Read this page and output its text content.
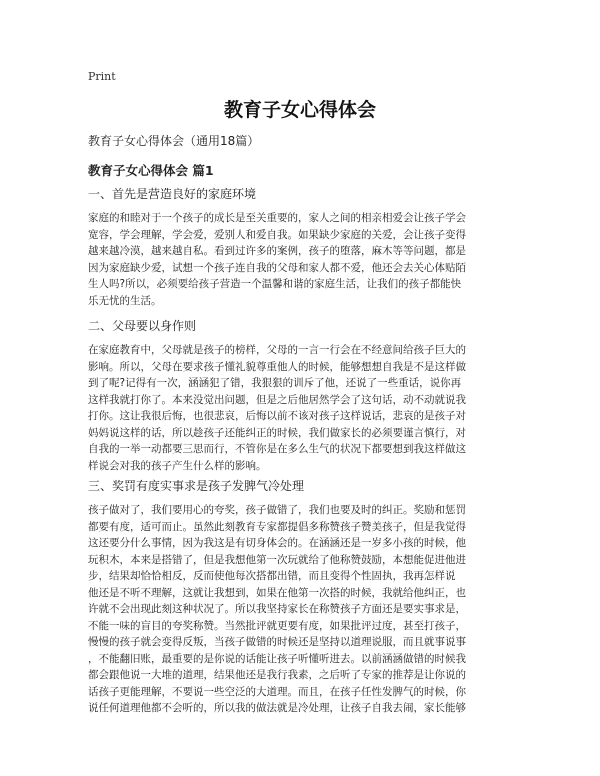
Print
教育子女心得体会
教育子女心得体会（通用18篇）
教育子女心得体会 篇1
一、首先是营造良好的家庭环境
家庭的和睦对于一个孩子的成长是至关重要的，家人之间的相亲相爱会让孩子学会
宽容，学会理解，学会爱，爱别人和爱自我。如果缺少家庭的关爱，会让孩子变得
越来越冷漠，越来越自私。看到过许多的案例，孩子的堕落，麻木等等问题，都是
因为家庭缺少爱，试想一个孩子连自我的父母和家人都不爱，他还会去关心体贴陌
生人吗?所以，必须要给孩子营造一个温馨和谐的家庭生活，让我们的孩子都能快
乐无忧的生活。
二、父母要以身作则
在家庭教育中，父母就是孩子的榜样，父母的一言一行会在不经意间给孩子巨大的
影响。所以，父母在要求孩子懂礼貌尊重他人的时候，能够想想自我是不是这样做
到了呢?记得有一次，涵涵犯了错，我狠狠的训斥了他，还说了一些重话，说你再
这样我就打你了。本来没觉出问题，但是之后他居然学会了这句话，动不动就说我
打你。这让我很后悔，也很悲哀，后悔以前不该对孩子这样说话，悲哀的是孩子对
妈妈说这样的话，所以趁孩子还能纠正的时候，我们做家长的必须要谨言慎行，对
自我的一举一动都要三思而行，不管你是在多么生气的状况下都要想到我这样做这
样说会对我的孩子产生什么样的影响。
三、奖罚有度实事求是孩子发脾气冷处理
孩子做对了，我们要用心的夸奖，孩子做错了，我们也要及时的纠正。奖励和惩罚
都要有度，适可而止。虽然此刻教育专家都提倡多称赞孩子赞美孩子，但是我觉得
这还要分什么事情，因为我这是有切身体会的。在涵涵还是一岁多小孩的时候，他
玩积木，本来是搭错了，但是我想他第一次玩就给了他称赞鼓励，本想能促进他进
步，结果却恰恰相反，反而使他每次搭都出错，而且变得个性固执，我再怎样说
他还是不听不理解，这就让我想到，如果在他第一次搭的时候，我就给他纠正，也
许就不会出现此刻这种状况了。所以我坚持家长在称赞孩子方面还是要实事求是，
不能一味的盲目的夸奖称赞。当然批评就更要有度，如果批评过度，甚至打孩子，
慢慢的孩子就会变得反叛，当孩子做错的时候还是坚持以道理说服，而且就事说事
，不能翻旧账，最重要的是你说的话能让孩子听懂听进去。以前涵涵做错的时候我
都会跟他说一大堆的道理，结果他还是我行我素，之后听了专家的推荐是让你说的
话孩子更能理解，不要说一些空泛的大道理。而且，在孩子任性发脾气的时候，你
说任何道理他都不会听的，所以我的做法就是冷处理，让孩子自我去闹，家长能够
